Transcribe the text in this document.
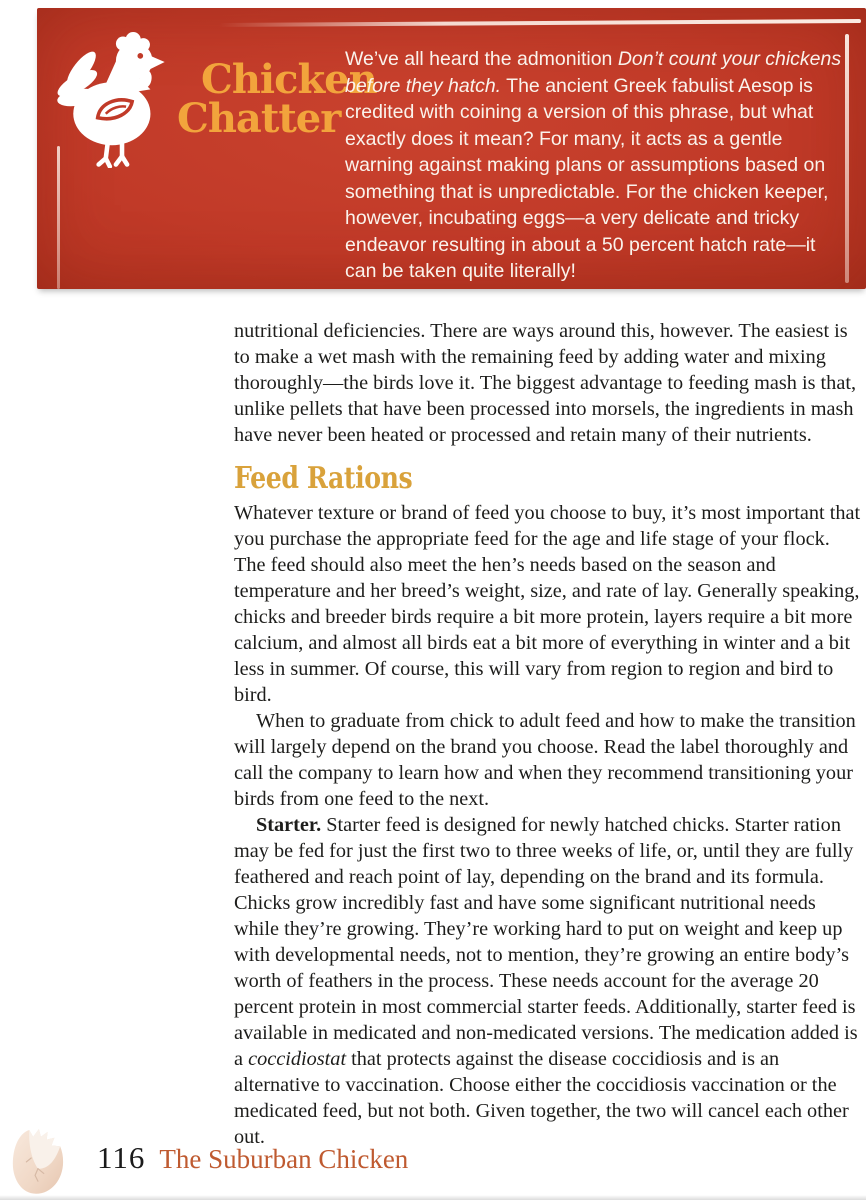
Chicken
Chatter
We’ve all heard the admonition Don’t count your chickens before they hatch. The ancient Greek fabulist Aesop is credited with coining a version of this phrase, but what exactly does it mean? For many, it acts as a gentle warning against making plans or assumptions based on something that is unpredictable. For the chicken keeper, however, incubating eggs—a very delicate and tricky endeavor resulting in about a 50 percent hatch rate—it can be taken quite literally!

nutritional deficiencies. There are ways around this, however. The easiest is to make a wet mash with the remaining feed by adding water and mixing thoroughly—the birds love it. The biggest advantage to feeding mash is that, unlike pellets that have been processed into morsels, the ingredients in mash have never been heated or processed and retain many of their nutrients.

Feed Rations

Whatever texture or brand of feed you choose to buy, it’s most important that you purchase the appropriate feed for the age and life stage of your flock. The feed should also meet the hen’s needs based on the season and temperature and her breed’s weight, size, and rate of lay. Generally speaking, chicks and breeder birds require a bit more protein, layers require a bit more calcium, and almost all birds eat a bit more of everything in winter and a bit less in summer. Of course, this will vary from region to region and bird to bird.

When to graduate from chick to adult feed and how to make the transition will largely depend on the brand you choose. Read the label thoroughly and call the company to learn how and when they recommend transitioning your birds from one feed to the next.

Starter. Starter feed is designed for newly hatched chicks. Starter ration may be fed for just the first two to three weeks of life, or, until they are fully feathered and reach point of lay, depending on the brand and its formula. Chicks grow incredibly fast and have some significant nutritional needs while they’re growing. They’re working hard to put on weight and keep up with developmental needs, not to mention, they’re growing an entire body’s worth of feathers in the process. These needs account for the average 20 percent protein in most commercial starter feeds. Additionally, starter feed is available in medicated and non-medicated versions. The medication added is a coccidiostat that protects against the disease coccidiosis and is an alternative to vaccination. Choose either the coccidiosis vaccination or the medicated feed, but not both. Given together, the two will cancel each other out.

116 The Suburban Chicken
